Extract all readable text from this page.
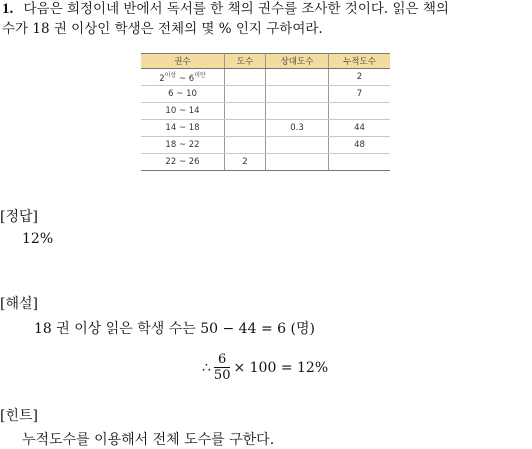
1. 다음은 희정이네 반에서 독서를 한 책의 권수를 조사한 것이다. 읽은 책의
수가 18 권 이상인 학생은 전체의 몇 % 인지 구하여라.
권수	도수	상대도수	누적도수
$2^{이상}$ ~ $6^{미만}$			2
6 ~ 10			7
10 ~ 14			
14 ~ 18		0.3	44
18 ~ 22			48
22 ~ 26	2		
[정답]
12%
[해설]
18 권 이상 읽은 학생 수는 50 − 44 = 6 (명)
∴ $\frac{6}{50} \times 100 = 12\%$
[힌트]
누적도수를 이용해서 전체 도수를 구한다.
